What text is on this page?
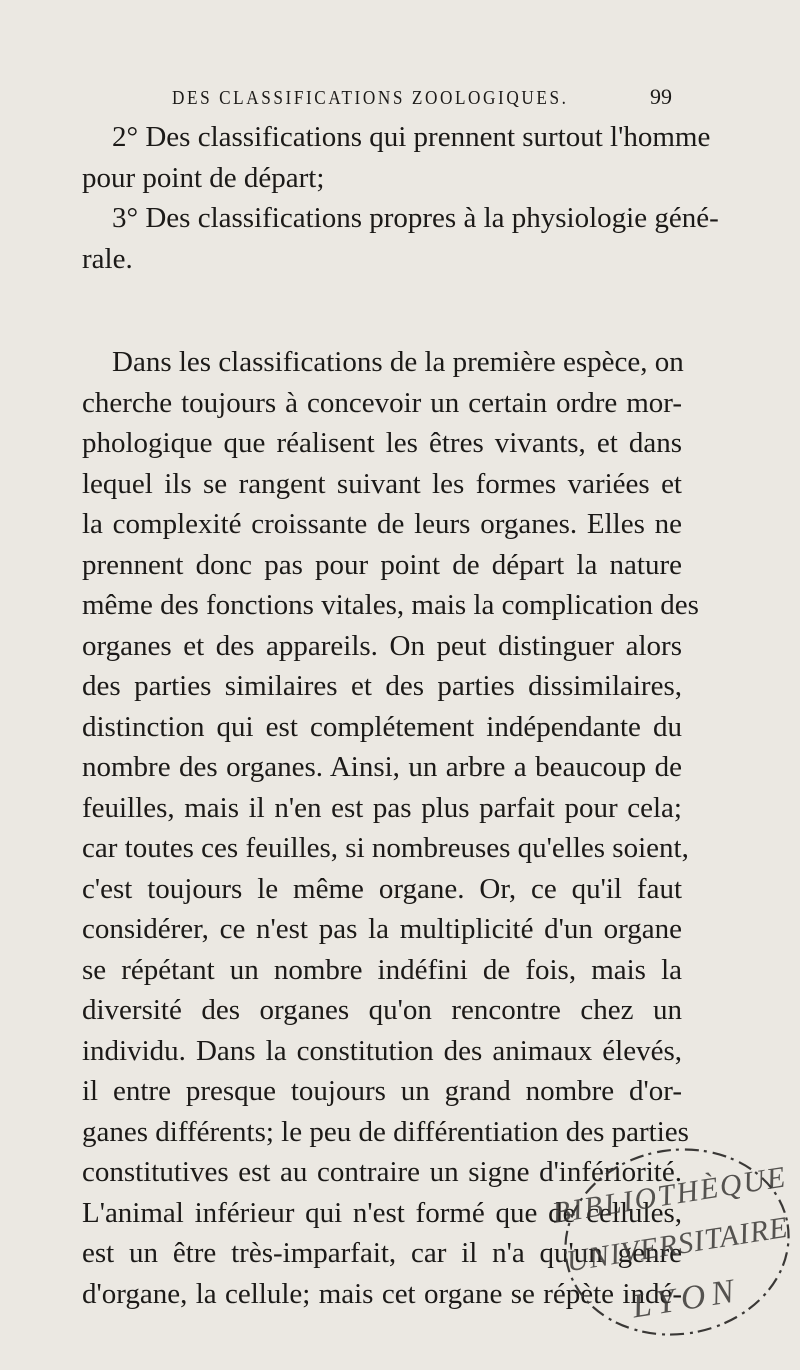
DES CLASSIFICATIONS ZOOLOGIQUES.	99
2° Des classifications qui prennent surtout l'homme
pour point de départ;
3° Des classifications propres à la physiologie géné-
rale.
Dans les classifications de la première espèce, on
cherche toujours à concevoir un certain ordre mor-
phologique que réalisent les êtres vivants, et dans
lequel ils se rangent suivant les formes variées et
la complexité croissante de leurs organes. Elles ne
prennent donc pas pour point de départ la nature
même des fonctions vitales, mais la complication des
organes et des appareils. On peut distinguer alors
des parties similaires et des parties dissimilaires,
distinction qui est complétement indépendante du
nombre des organes. Ainsi, un arbre a beaucoup de
feuilles, mais il n'en est pas plus parfait pour cela;
car toutes ces feuilles, si nombreuses qu'elles soient,
c'est toujours le même organe. Or, ce qu'il faut
considérer, ce n'est pas la multiplicité d'un organe
se répétant un nombre indéfini de fois, mais la
diversité des organes qu'on rencontre chez un
individu. Dans la constitution des animaux élevés,
il entre presque toujours un grand nombre d'or-
ganes différents; le peu de différentiation des parties
constitutives est au contraire un signe d'infériorité.
L'animal inférieur qui n'est formé que de cellules,
est un être très-imparfait, car il n'a qu'un genre
d'organe, la cellule; mais cet organe se répète indé-
BIBLIOTHÈQUE
UNIVERSITAIRE
LYON
